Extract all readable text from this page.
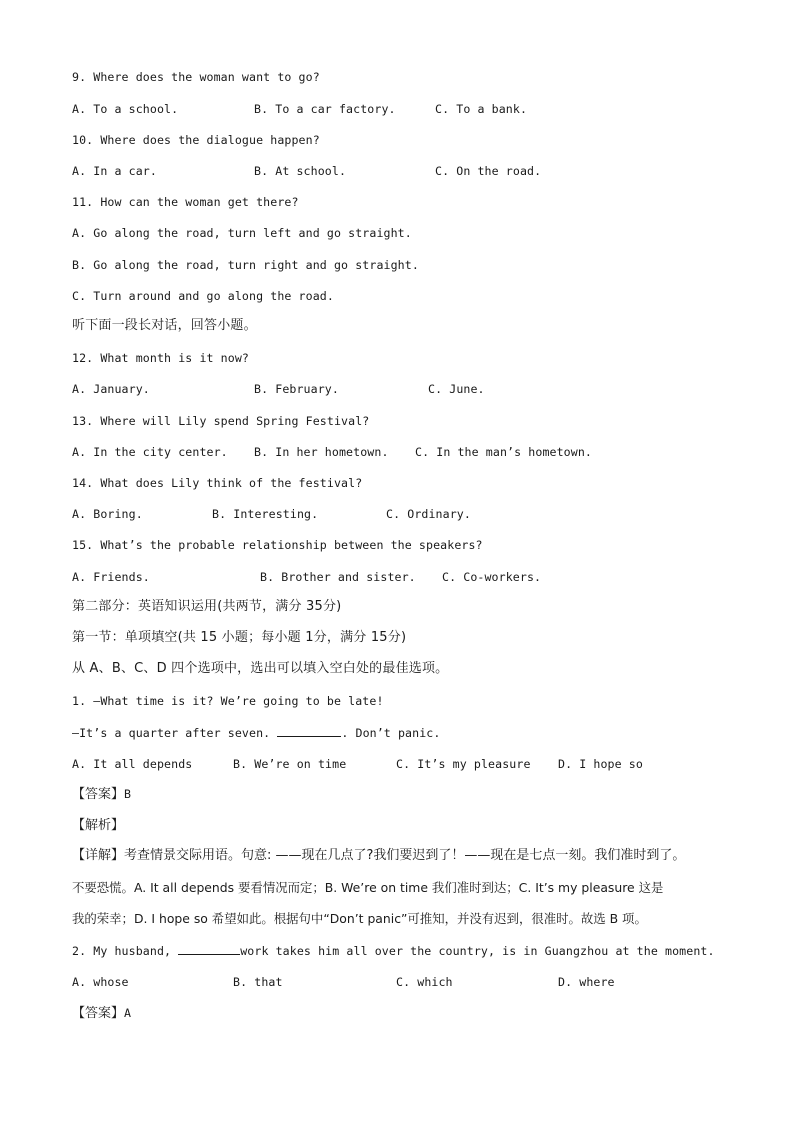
9. Where does the woman want to go?

A. To a school.

	B. To a car factory.

	C. To a bank.

10. Where does the dialogue happen?

A. In a car.

	B. At school.

	C. On the road.

11. How can the woman get there?
A. Go along the road, turn left and go straight.
B. Go along the road, turn right and go straight.
C. Turn around and go along the road.
听下面一段长对话，回答小题。
12. What month is it now?

A. January.

	B. February.

	C. June.

13. Where will Lily spend Spring Festival?

A. In the city center.

B. In her hometown.

C. In the man’s hometown.

14. What does Lily think of the festival?

A. Boring.

	B. Interesting.

	C. Ordinary.

15. What’s the probable relationship between the speakers?

A. Friends.

	B. Brother and sister.

C. Co-workers.

第二部分：英语知识运用(共两节，满分 35分)
第一节：单项填空(共 15 小题；每小题 1分，满分 15分)
从 A、B、C、D 四个选项中，选出可以填入空白处的最佳选项。
1. —What time is it? We’re going to be late!
—It’s a quarter after seven.	. Don’t panic.

A. It all depends

	B. We’re on time

	C. It’s my pleasure

D. I hope so

【答案】B
【解析】
【详解】考查情景交际用语。句意: ——现在几点了?我们要迟到了！——现在是七点一刻。我们准时到了。
不要恐慌。A. It all depends 要看情况而定；B. We’re on time 我们准时到达；C. It’s my pleasure 这是
我的荣幸；D. I hope so 希望如此。根据句中“Don’t panic”可推知，并没有迟到，很准时。故选 B 项。
2. My husband,	work takes him all over the country, is in Guangzhou at the moment.

A. whose

	B. that

	C. which

	D. where

【答案】A
